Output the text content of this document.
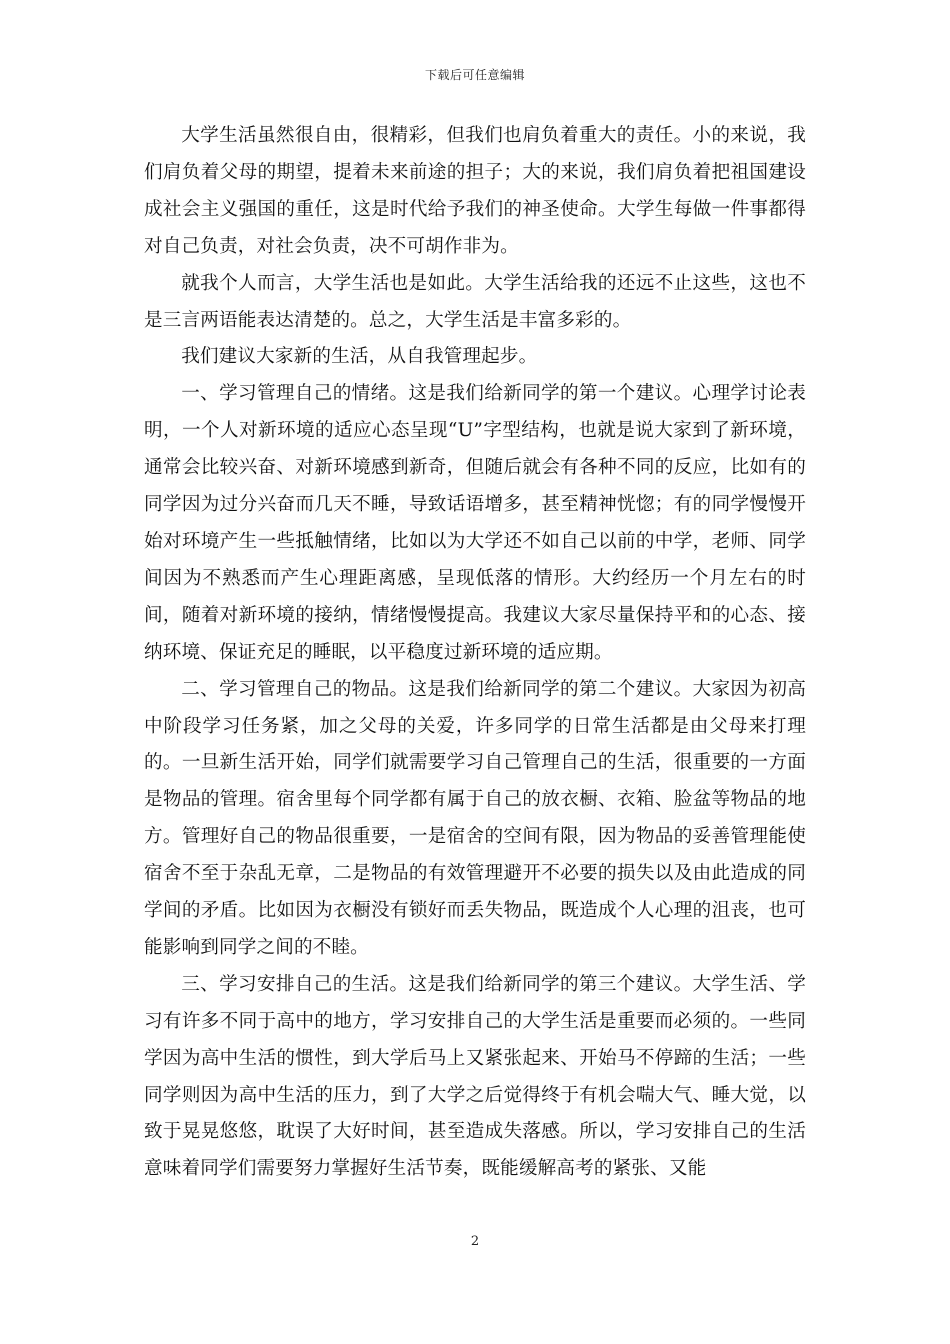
下载后可任意编辑

大学生活虽然很自由，很精彩，但我们也肩负着重大的责任。小的来说，我们肩负着父母的期望，提着未来前途的担子；大的来说，我们肩负着把祖国建设成社会主义强国的重任，这是时代给予我们的神圣使命。大学生每做一件事都得对自己负责，对社会负责，决不可胡作非为。

就我个人而言，大学生活也是如此。大学生活给我的还远不止这些，这也不是三言两语能表达清楚的。总之，大学生活是丰富多彩的。

我们建议大家新的生活，从自我管理起步。

一、学习管理自己的情绪。这是我们给新同学的第一个建议。心理学讨论表明，一个人对新环境的适应心态呈现“U”字型结构，也就是说大家到了新环境，通常会比较兴奋、对新环境感到新奇，但随后就会有各种不同的反应，比如有的同学因为过分兴奋而几天不睡，导致话语增多，甚至精神恍惚；有的同学慢慢开始对环境产生一些抵触情绪，比如以为大学还不如自己以前的中学，老师、同学间因为不熟悉而产生心理距离感，呈现低落的情形。大约经历一个月左右的时间，随着对新环境的接纳，情绪慢慢提高。我建议大家尽量保持平和的心态、接纳环境、保证充足的睡眠，以平稳度过新环境的适应期。

二、学习管理自己的物品。这是我们给新同学的第二个建议。大家因为初高中阶段学习任务紧，加之父母的关爱，许多同学的日常生活都是由父母来打理的。一旦新生活开始，同学们就需要学习自己管理自己的生活，很重要的一方面是物品的管理。宿舍里每个同学都有属于自己的放衣橱、衣箱、脸盆等物品的地方。管理好自己的物品很重要，一是宿舍的空间有限，因为物品的妥善管理能使宿舍不至于杂乱无章，二是物品的有效管理避开不必要的损失以及由此造成的同学间的矛盾。比如因为衣橱没有锁好而丢失物品，既造成个人心理的沮丧，也可能影响到同学之间的不睦。

三、学习安排自己的生活。这是我们给新同学的第三个建议。大学生活、学习有许多不同于高中的地方，学习安排自己的大学生活是重要而必须的。一些同学因为高中生活的惯性，到大学后马上又紧张起来、开始马不停蹄的生活；一些同学则因为高中生活的压力，到了大学之后觉得终于有机会喘大气、睡大觉，以致于晃晃悠悠，耽误了大好时间，甚至造成失落感。所以，学习安排自己的生活意味着同学们需要努力掌握好生活节奏，既能缓解高考的紧张、又能

2
